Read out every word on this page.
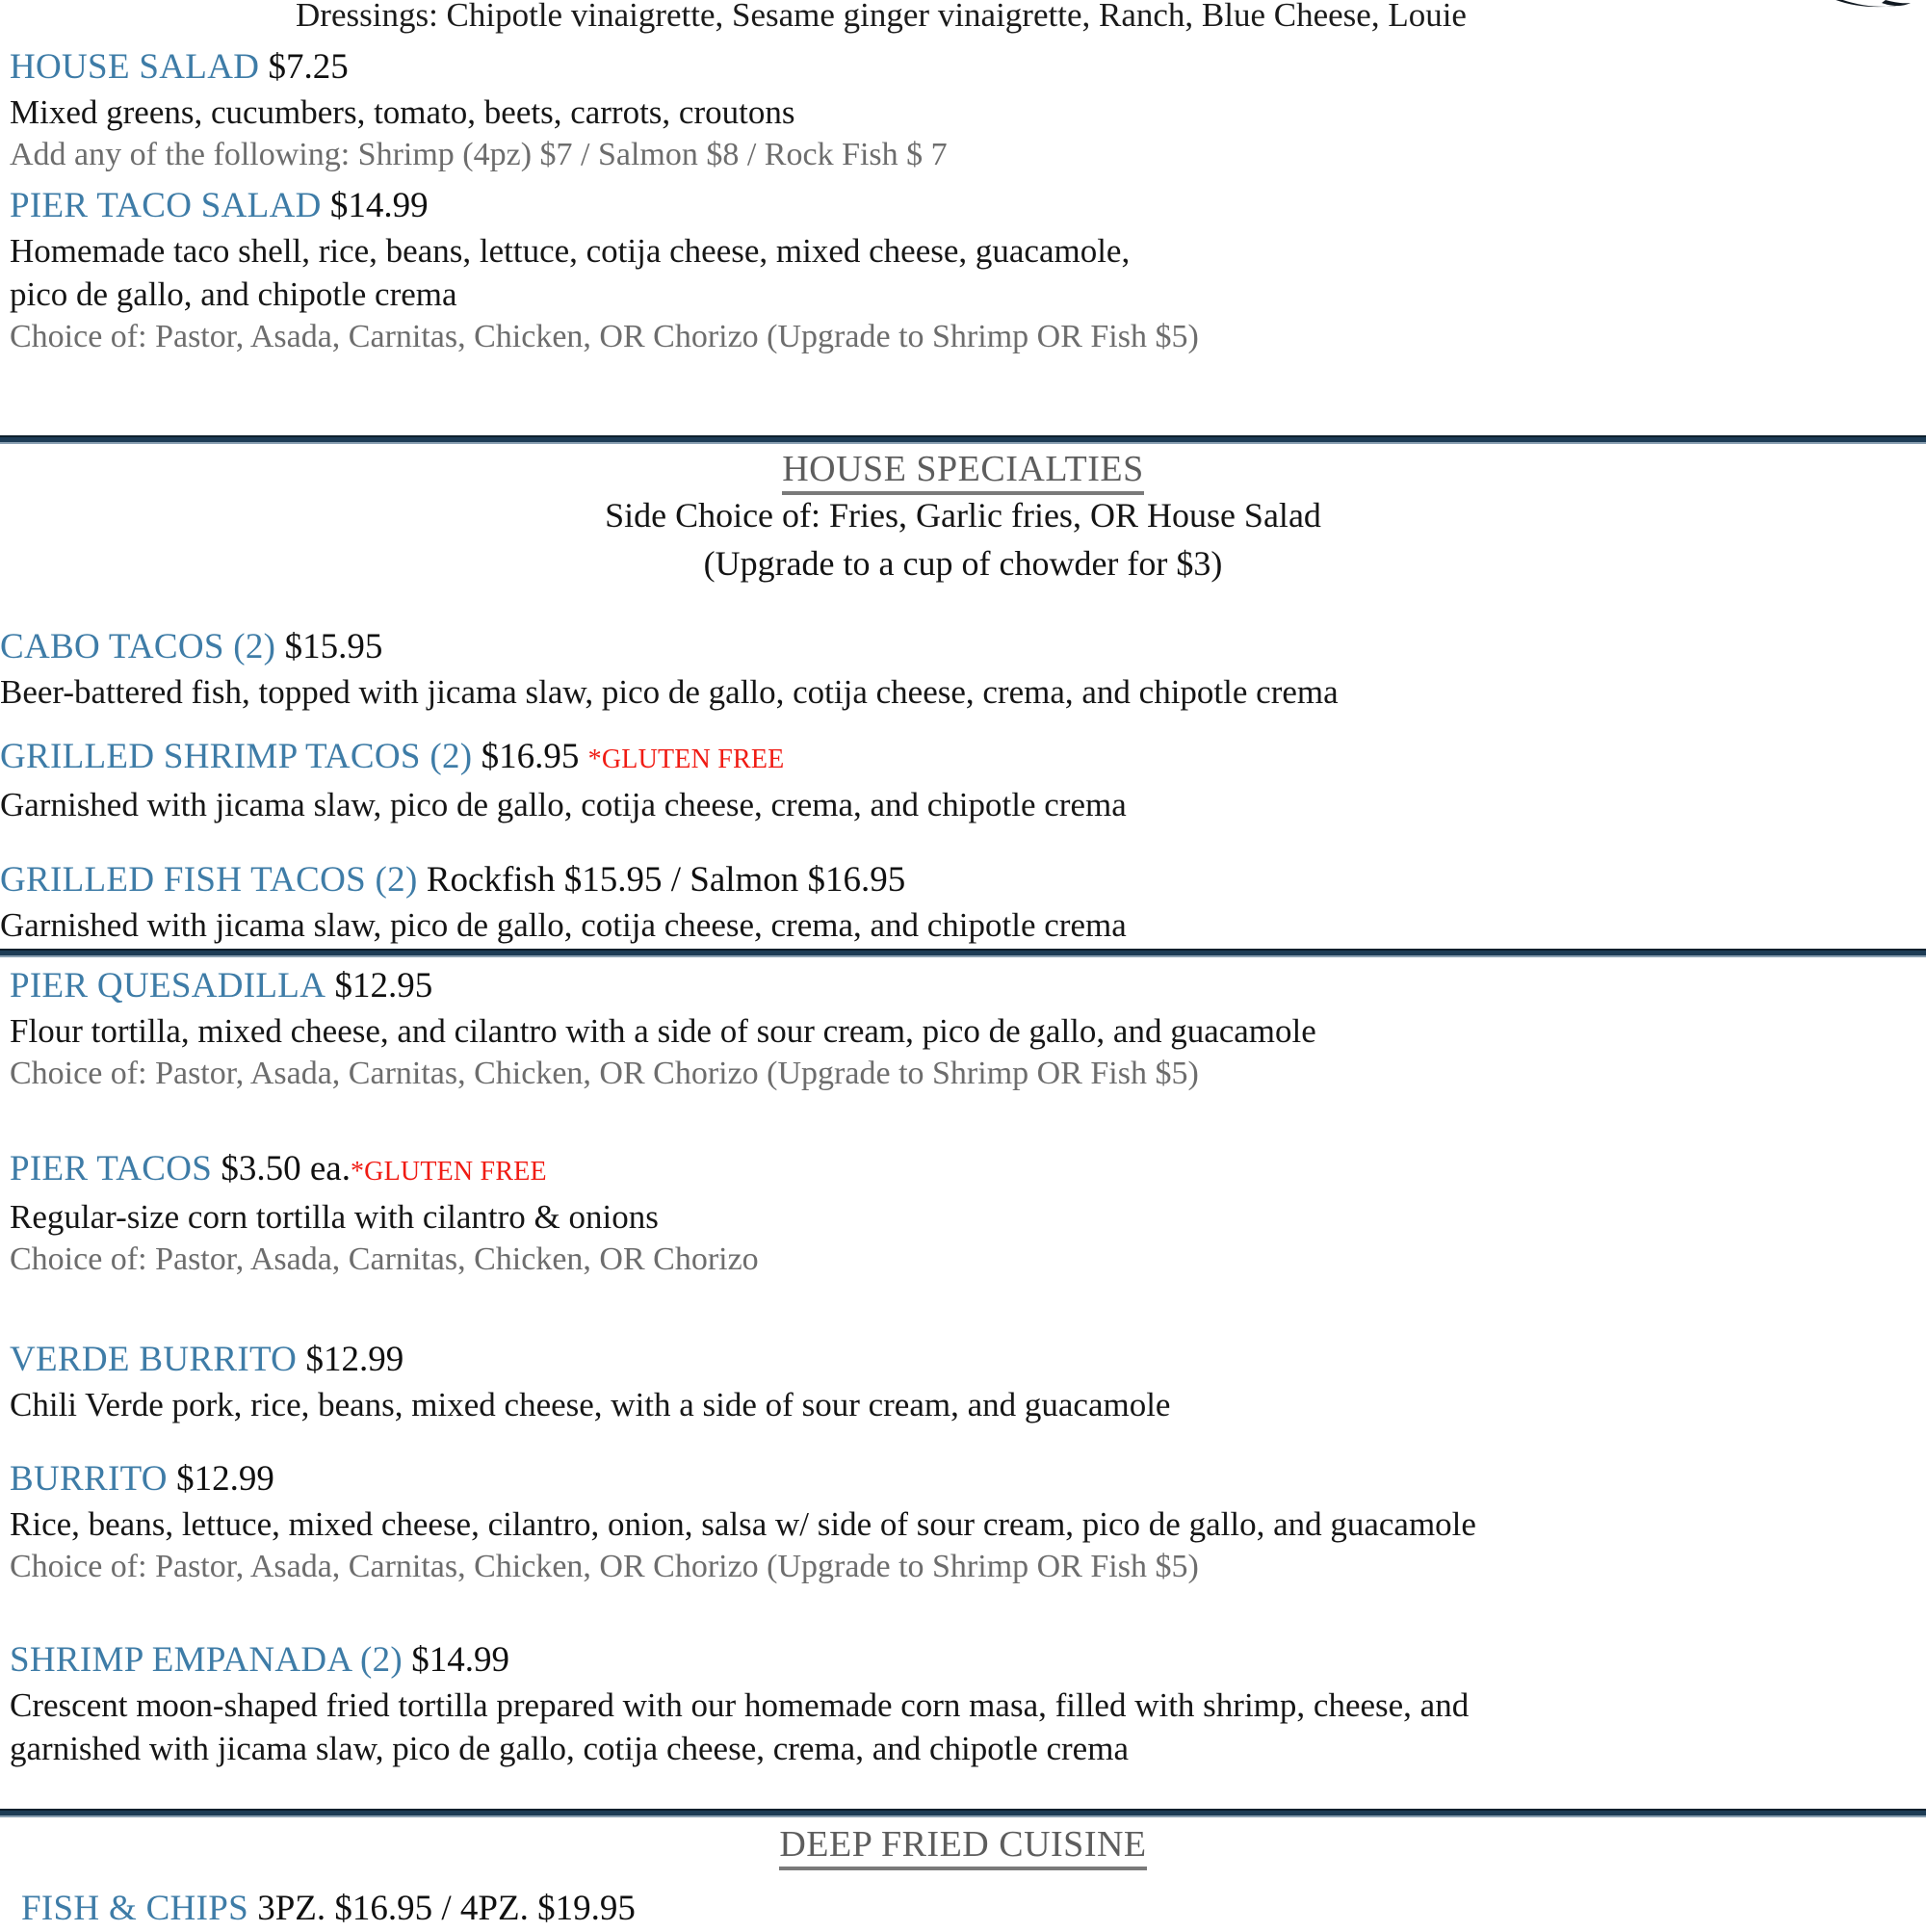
Dressings: Chipotle vinaigrette, Sesame ginger vinaigrette, Ranch, Blue Cheese, Louie
HOUSE SALAD $7.25
Mixed greens, cucumbers, tomato, beets, carrots, croutons
Add any of the following: Shrimp (4pz) $7 / Salmon $8 / Rock Fish $ 7
PIER TACO SALAD $14.99
Homemade taco shell, rice, beans, lettuce, cotija cheese, mixed cheese, guacamole,
pico de gallo, and chipotle crema
Choice of: Pastor, Asada, Carnitas, Chicken, OR Chorizo (Upgrade to Shrimp OR Fish $5)
HOUSE SPECIALTIES
Side Choice of: Fries, Garlic fries, OR House Salad
(Upgrade to a cup of chowder for $3)
CABO TACOS (2) $15.95
Beer-battered fish, topped with jicama slaw, pico de gallo, cotija cheese, crema, and chipotle crema
GRILLED SHRIMP TACOS (2) $16.95 *GLUTEN FREE
Garnished with jicama slaw, pico de gallo, cotija cheese, crema, and chipotle crema
GRILLED FISH TACOS (2) Rockfish $15.95 / Salmon $16.95
Garnished with jicama slaw, pico de gallo, cotija cheese, crema, and chipotle crema
PIER QUESADILLA $12.95
Flour tortilla, mixed cheese, and cilantro with a side of sour cream, pico de gallo, and guacamole
Choice of: Pastor, Asada, Carnitas, Chicken, OR Chorizo (Upgrade to Shrimp OR Fish $5)
PIER TACOS $3.50 ea.*GLUTEN FREE
Regular-size corn tortilla with cilantro & onions
Choice of: Pastor, Asada, Carnitas, Chicken, OR Chorizo
VERDE BURRITO $12.99
Chili Verde pork, rice, beans, mixed cheese, with a side of sour cream, and guacamole
BURRITO $12.99
Rice, beans, lettuce, mixed cheese, cilantro, onion, salsa w/ side of sour cream, pico de gallo, and guacamole
Choice of: Pastor, Asada, Carnitas, Chicken, OR Chorizo (Upgrade to Shrimp OR Fish $5)
SHRIMP EMPANADA (2) $14.99
Crescent moon-shaped fried tortilla prepared with our homemade corn masa, filled with shrimp, cheese, and
garnished with jicama slaw, pico de gallo, cotija cheese, crema, and chipotle crema
DEEP FRIED CUISINE
FISH & CHIPS 3PZ. $16.95 / 4PZ. $19.95
